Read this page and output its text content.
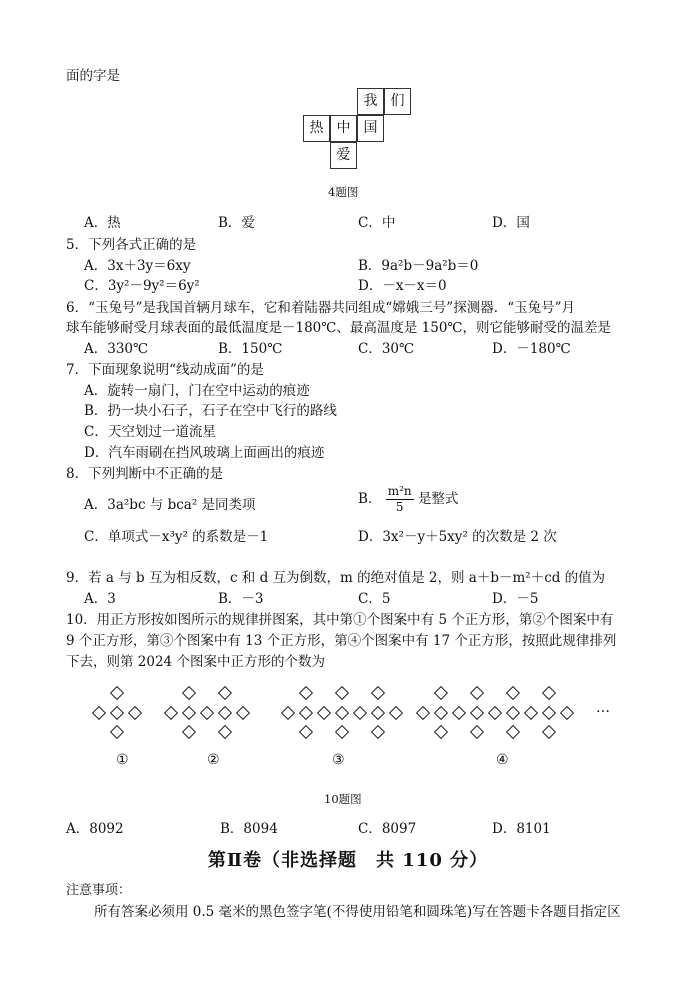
面的字是
我 们
热 中 国
爱
4题图
A．热	B．爱	C．中	D．国
5．下列各式正确的是
A．3x＋3y＝6xy	B．9a²b－9a²b＝0
C．3y²－9y²＝6y²	D．－x－x＝0
6．“玉兔号”是我国首辆月球车，它和着陆器共同组成“嫦娥三号”探测器．“玉兔号”月
球车能够耐受月球表面的最低温度是－180℃、最高温度是 150℃，则它能够耐受的温差是
A．330℃	B．150℃	C．30℃	D．－180℃
7．下面现象说明“线动成面”的是
A．旋转一扇门，门在空中运动的痕迹
B．扔一块小石子，石子在空中飞行的路线
C．天空划过一道流星
D．汽车雨刷在挡风玻璃上面画出的痕迹
8．下列判断中不正确的是
A．3a²bc 与 bca² 是同类项	B． $\frac{\text{m²n}}{5}$ 是整式
C．单项式－x³y² 的系数是－1	D．3x²－y＋5xy² 的次数是 2 次
9．若 a 与 b 互为相反数，c 和 d 互为倒数，m 的绝对值是 2，则 a＋b－m²＋cd 的值为
A．3	B．－3	C．5	D．－5
10．用正方形按如图所示的规律拼图案，其中第①个图案中有 5 个正方形，第②个图案中有
9 个正方形，第③个图案中有 13 个正方形，第④个图案中有 17 个正方形，按照此规律排列
下去，则第 2024 个图案中正方形的个数为
…
①	②	③	④
10题图
A．8092	B．8094	C．8097	D．8101
第Ⅱ卷（非选择题　共 110 分）
注意事项：
所有答案必须用 0.5 毫米的黑色签字笔(不得使用铅笔和圆珠笔)写在答题卡各题目指定区
